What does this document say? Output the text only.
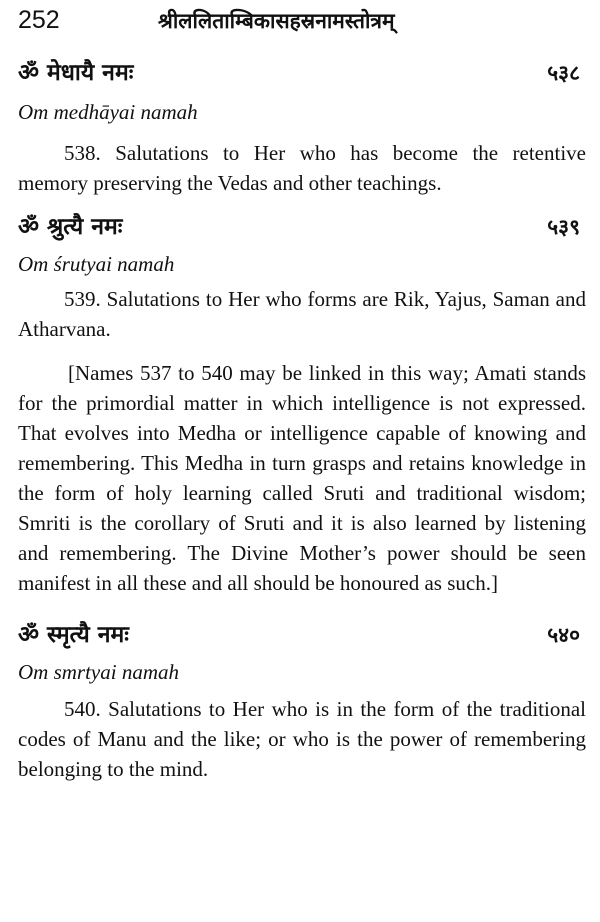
252	श्रीललिताम्बिकासहस्रनामस्तोत्रम्
ॐ मेधायै नमः	५३८
Om medhāyai namah

538. Salutations to Her who has become the retentive memory preserving the Vedas and other teachings.

ॐ श्रुत्यै नमः	५३९
Om śrutyai namah

539. Salutations to Her who forms are Rik, Yajus, Saman and Atharvana.

[Names 537 to 540 may be linked in this way; Amati stands for the primordial matter in which intelligence is not expressed. That evolves into Medha or intelligence capable of knowing and remembering. This Medha in turn grasps and retains knowledge in the form of holy learning called Sruti and traditional wisdom; Smriti is the corollary of Sruti and it is also learned by listening and remembering. The Divine Mother’s power should be seen manifest in all these and all should be honoured as such.]

ॐ स्मृत्यै नमः	५४०
Om smrtyai namah

540. Salutations to Her who is in the form of the traditional codes of Manu and the like; or who is the power of remembering belonging to the mind.
